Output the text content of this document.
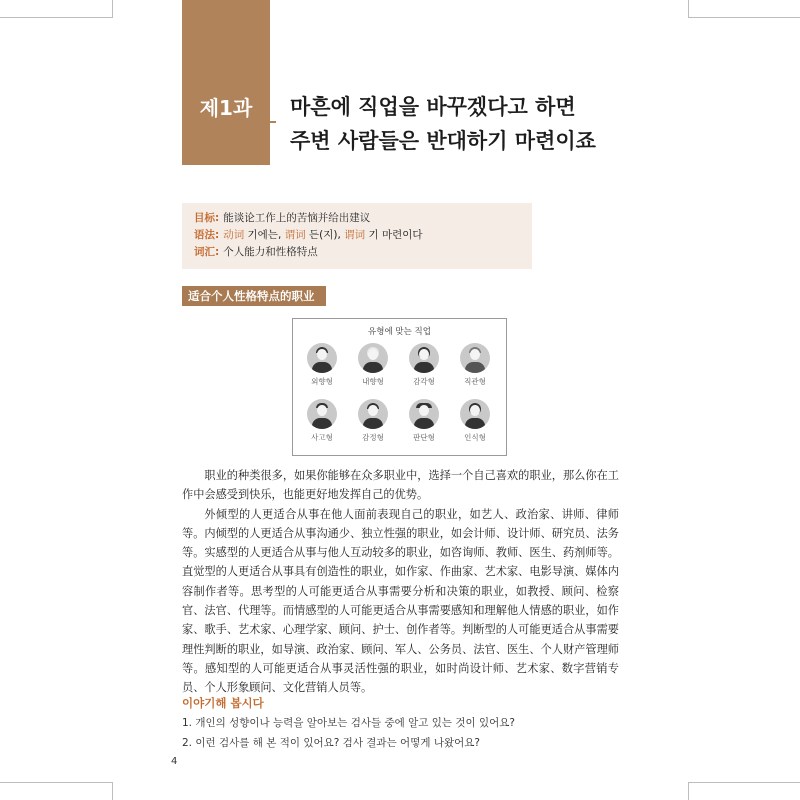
제1과	마흔에 직업을 바꾸겠다고 하면
주변 사람들은 반대하기 마련이죠
目标: 能谈论工作上的苦恼并给出建议
语法: 动词 기에는, 谓词 든(지), 谓词 기 마련이다
词汇: 个人能力和性格特点
适合个人性格特点的职业
유형에 맞는 직업
외향형	내향형	감각형	직관형
사고형	감정형	판단형	인식형

职业的种类很多，如果你能够在众多职业中，选择一个自己喜欢的职业，那么你在工作中会感受到快乐，也能更好地发挥自己的优势。

外倾型的人更适合从事在他人面前表现自己的职业，如艺人、政治家、讲师、律师等。内倾型的人更适合从事沟通少、独立性强的职业，如会计师、设计师、研究员、法务等。实感型的人更适合从事与他人互动较多的职业，如咨询师、教师、医生、药剂师等。直觉型的人更适合从事具有创造性的职业，如作家、作曲家、艺术家、电影导演、媒体内容制作者等。思考型的人可能更适合从事需要分析和决策的职业，如教授、顾问、检察官、法官、代理等。而情感型的人可能更适合从事需要感知和理解他人情感的职业，如作家、歌手、艺术家、心理学家、顾问、护士、创作者等。判断型的人可能更适合从事需要理性判断的职业，如导演、政治家、顾问、军人、公务员、法官、医生、个人财产管理师等。感知型的人可能更适合从事灵活性强的职业，如时尚设计师、艺术家、数字营销专员、个人形象顾问、文化营销人员等。

이야기해 봅시다
1. 개인의 성향이나 능력을 알아보는 검사들 중에 알고 있는 것이 있어요?
2. 이런 검사를 해 본 적이 있어요? 검사 결과는 어떻게 나왔어요?
4
